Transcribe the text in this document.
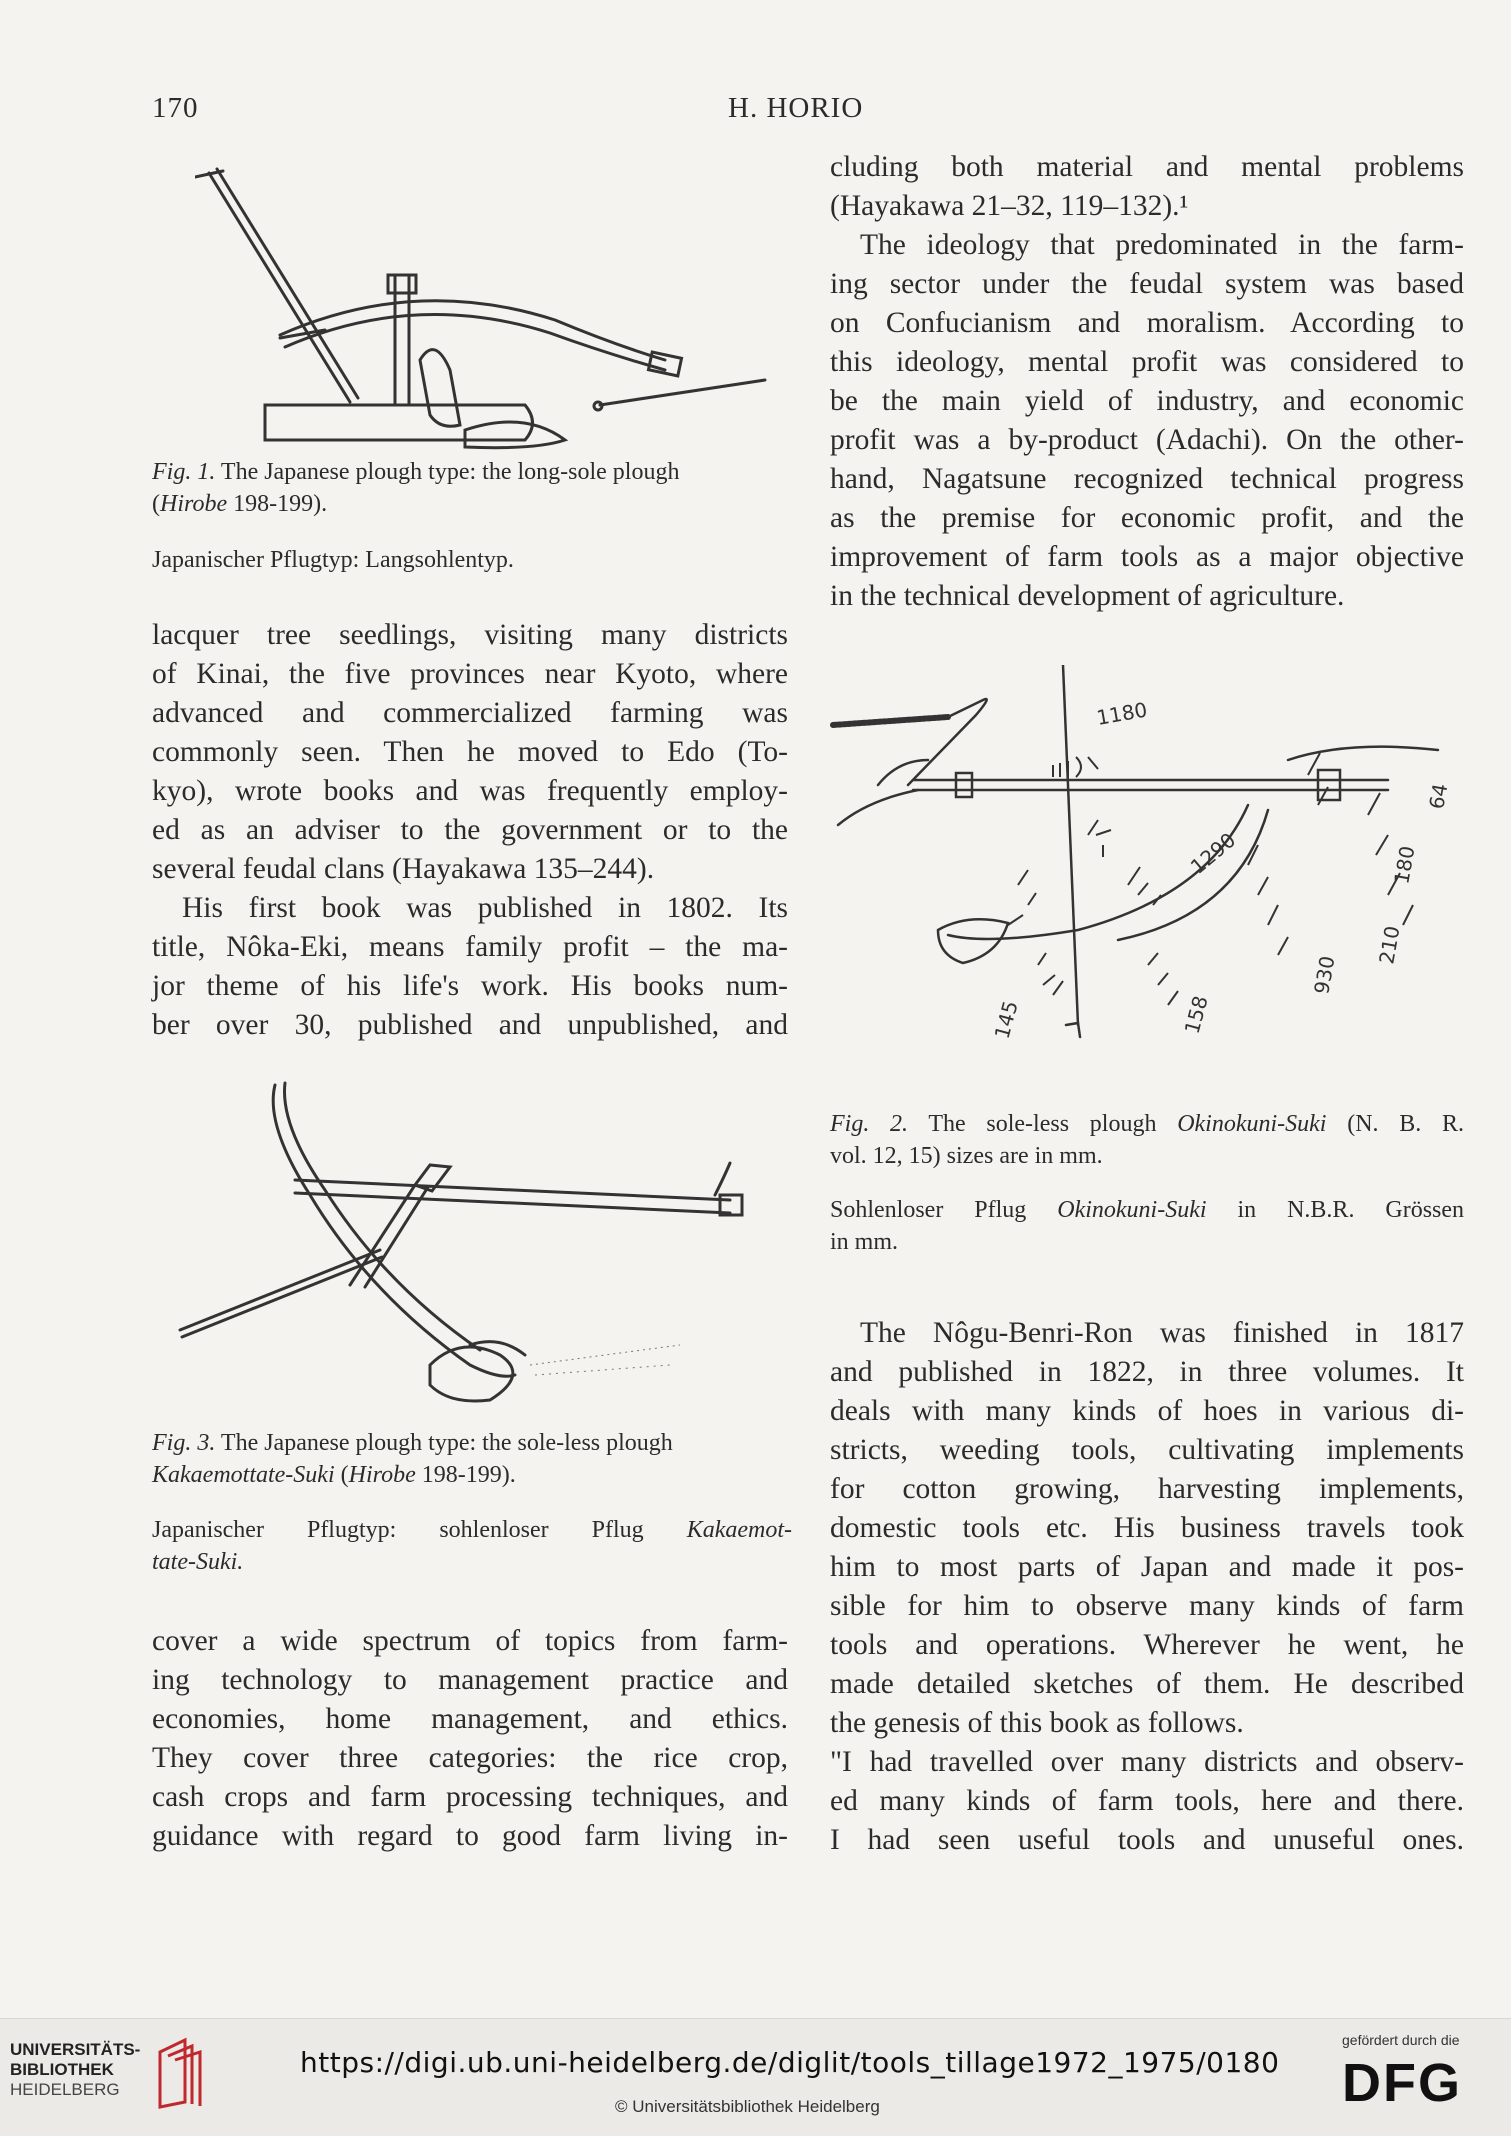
170	H. HORIO
Fig. 1. The Japanese plough type: the long-sole plough
(Hirobe 198-199).
Japanischer Pflugtyp: Langsohlentyp.
lacquer tree seedlings, visiting many districts
of Kinai, the five provinces near Kyoto, where
advanced and commercialized farming was
commonly seen. Then he moved to Edo (To-
kyo), wrote books and was frequently employ-
ed as an adviser to the government or to the
several feudal clans (Hayakawa 135–244).
His first book was published in 1802. Its
title, Nôka-Eki, means family profit – the ma-
jor theme of his life's work. His books num-
ber over 30, published and unpublished, and
Fig. 3. The Japanese plough type: the sole-less plough
Kakaemottate-Suki (Hirobe 198-199).
Japanischer Pflugtyp: sohlenloser Pflug Kakaemot-
tate-Suki.
cover a wide spectrum of topics from farm-
ing technology to management practice and
economies, home management, and ethics.
They cover three categories: the rice crop,
cash crops and farm processing techniques, and
guidance with regard to good farm living in-
cluding both material and mental problems
(Hayakawa 21–32, 119–132).¹
The ideology that predominated in the farm-
ing sector under the feudal system was based
on Confucianism and moralism. According to
this ideology, mental profit was considered to
be the main yield of industry, and economic
profit was a by-product (Adachi). On the other-
hand, Nagatsune recognized technical progress
as the premise for economic profit, and the
improvement of farm tools as a major objective
in the technical development of agriculture.
1180
1290
145	158
930
210
180
64
Fig. 2. The sole-less plough Okinokuni-Suki (N. B. R.
vol. 12, 15) sizes are in mm.
Sohlenloser Pflug Okinokuni-Suki in N.B.R. Grössen
in mm.
The Nôgu-Benri-Ron was finished in 1817
and published in 1822, in three volumes. It
deals with many kinds of hoes in various di-
stricts, weeding tools, cultivating implements
for cotton growing, harvesting implements,
domestic tools etc. His business travels took
him to most parts of Japan and made it pos-
sible for him to observe many kinds of farm
tools and operations. Wherever he went, he
made detailed sketches of them. He described
the genesis of this book as follows.
"I had travelled over many districts and observ-
ed many kinds of farm tools, here and there.
I had seen useful tools and unuseful ones.
UNIVERSITÄTS-
BIBLIOTHEK
HEIDELBERG
https://digi.ub.uni-heidelberg.de/diglit/tools_tillage1972_1975/0180
© Universitätsbibliothek Heidelberg
gefördert durch die
DFG
